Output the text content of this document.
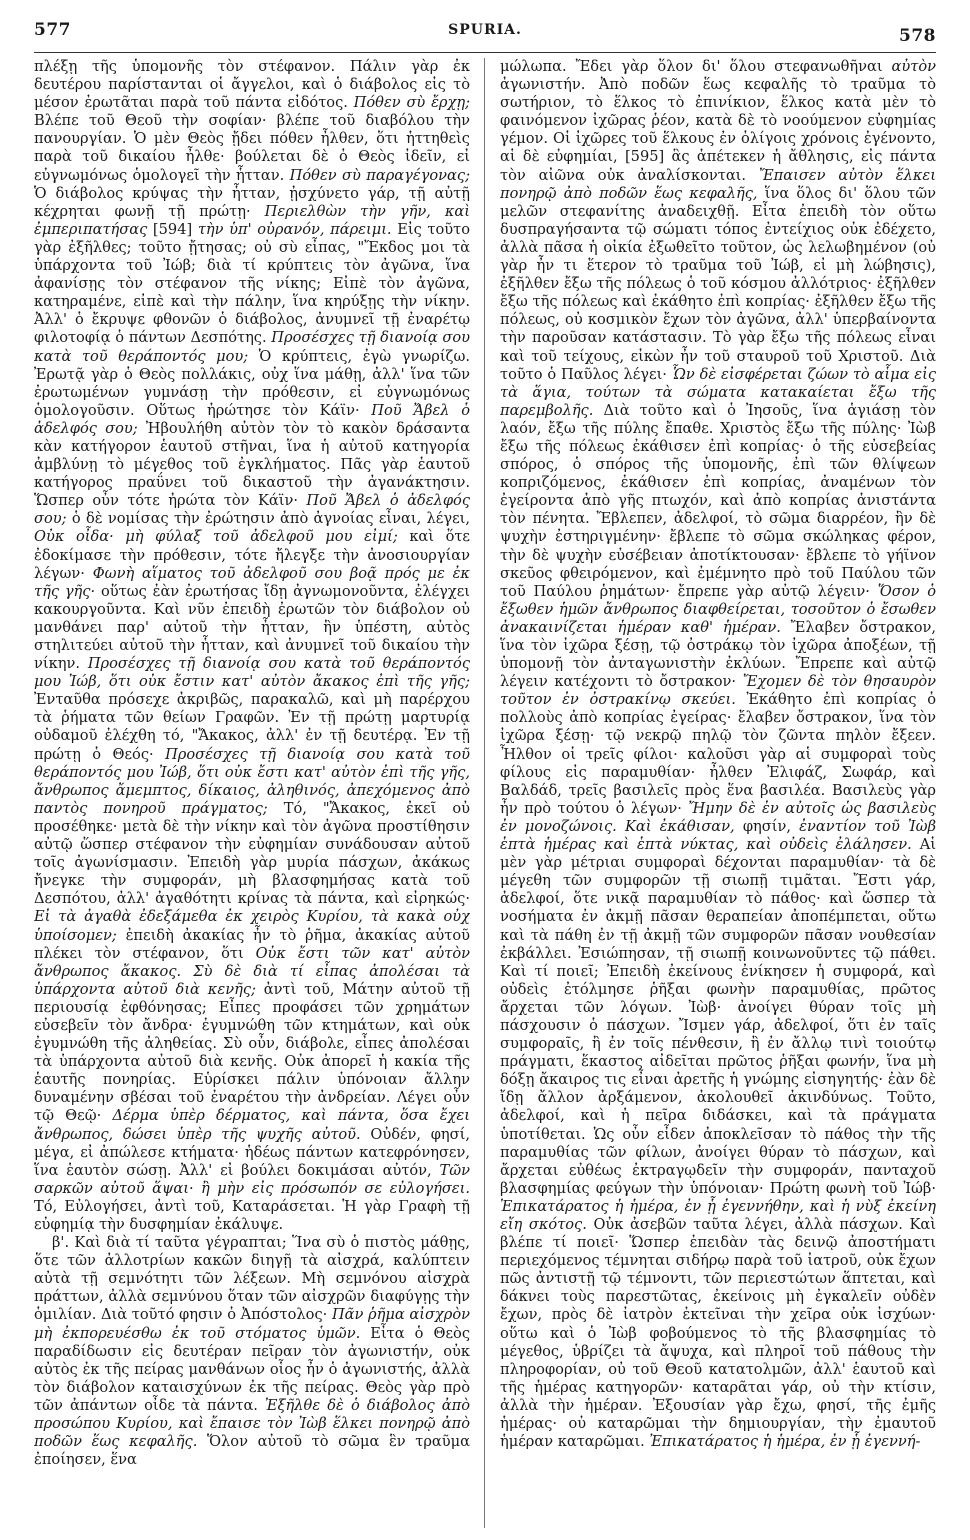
577	SPURIA.	578

πλέξῃ τῆς ὑπομονῆς τὸν στέφανον. Πάλιν γὰρ ἐκ δευτέρου παρίστανται οἱ ἄγγελοι, καὶ ὁ διάβολος εἰς τὸ μέσον ἐρωτᾶται παρὰ τοῦ πάντα εἰδότος. Πόθεν σὺ ἔρχῃ; Βλέπε τοῦ Θεοῦ τὴν σοφίαν· βλέπε τοῦ διαβόλου τὴν πανουργίαν. Ὁ μὲν Θεὸς ᾔδει πόθεν ἦλθεν, ὅτι ἡττηθεὶς παρὰ τοῦ δικαίου ἦλθε· βούλεται δὲ ὁ Θεὸς ἰδεῖν, εἰ εὐγνωμόνως ὁμολογεῖ τὴν ἧτταν. Πόθεν σὺ παραγέγονας; Ὁ διάβολος κρύψας τὴν ἧτταν, ᾐσχύνετο γάρ, τῇ αὐτῇ κέχρηται φωνῇ τῇ πρώτῃ· Περιελθὼν τὴν γῆν, καὶ ἐμπεριπατήσας [594] τὴν ὑπ' οὐρανόν, πάρειμι. Εἰς τοῦτο γὰρ ἐξῆλθες; τοῦτο ᾔτησας; οὐ σὺ εἶπας, "Ἔκδος μοι τὰ ὑπάρχοντα τοῦ Ἰώβ; διὰ τί κρύπτεις τὸν ἀγῶνα, ἵνα ἀφανίσῃς τὸν στέφανον τῆς νίκης; Εἰπὲ τὸν ἀγῶνα, κατηραμένε, εἰπὲ καὶ τὴν πάλην, ἵνα κηρύξῃς τὴν νίκην. Ἀλλ' ὁ ἔκρυψε φθονῶν ὁ διάβολος, ἀνυμνεῖ τῇ ἐναρέτῳ φιλοτοφίᾳ ὁ πάντων Δεσπότης. Προσέσχες τῇ διανοίᾳ σου κατὰ τοῦ θεράποντός μου; Ὁ κρύπτεις, ἐγὼ γνωρίζω. Ἐρωτᾷ γὰρ ὁ Θεὸς πολλάκις, οὐχ ἵνα μάθῃ, ἀλλ' ἵνα τῶν ἐρωτωμένων γυμνάσῃ τὴν πρόθεσιν, εἰ εὐγνωμόνως ὁμολογοῦσιν. Οὕτως ἠρώτησε τὸν Κάϊν· Ποῦ Ἄβελ ὁ ἀδελφός σου; Ἠβουλήθη αὐτὸν τὸν τὸ κακὸν δράσαντα κὰν κατήγορον ἑαυτοῦ στῆναι, ἵνα ἡ αὐτοῦ κατηγορία ἀμβλύνῃ τὸ μέγεθος τοῦ ἐγκλήματος. Πᾶς γὰρ ἑαυτοῦ κατήγορος πραΰνει τοῦ δικαστοῦ τὴν ἀγανάκτησιν. Ὥσπερ οὖν τότε ἠρώτα τὸν Κάϊν· Ποῦ Ἄβελ ὁ ἀδελφός σου; ὁ δὲ νομίσας τὴν ἐρώτησιν ἀπὸ ἀγνοίας εἶναι, λέγει, Οὐκ οἶδα· μὴ φύλαξ τοῦ ἀδελφοῦ μου εἰμί; καὶ ὅτε ἐδοκίμασε τὴν πρόθεσιν, τότε ἤλεγξε τὴν ἀνοσιουργίαν λέγων· Φωνὴ αἵματος τοῦ ἀδελφοῦ σου βοᾷ πρός με ἐκ τῆς γῆς· οὕτως ἐὰν ἐρωτήσας ἴδῃ ἀγνωμονοῦντα, ἐλέγχει κακουργοῦντα. Καὶ νῦν ἐπειδὴ ἐρωτῶν τὸν διάβολον οὐ μανθάνει παρ' αὐτοῦ τὴν ἧτταν, ἣν ὑπέστη, αὐτὸς στηλιτεύει αὐτοῦ τὴν ἧτταν, καὶ ἀνυμνεῖ τοῦ δικαίου τὴν νίκην. Προσέσχες τῇ διανοίᾳ σου κατὰ τοῦ θεράποντός μου Ἰώβ, ὅτι οὐκ ἔστιν κατ' αὐτὸν ἄκακος ἐπὶ τῆς γῆς; Ἐνταῦθα πρόσεχε ἀκριβῶς, παρακαλῶ, καὶ μὴ παρέρχου τὰ ῥήματα τῶν θείων Γραφῶν. Ἐν τῇ πρώτῃ μαρτυρίᾳ οὐδαμοῦ ἐλέχθη τό, "Ἄκακος, ἀλλ' ἐν τῇ δευτέρᾳ. Ἐν τῇ πρώτῃ ὁ Θεός· Προσέσχες τῇ διανοίᾳ σου κατὰ τοῦ θεράποντός μου Ἰώβ, ὅτι οὐκ ἔστι κατ' αὐτὸν ἐπὶ τῆς γῆς, ἄνθρωπος ἄμεμπτος, δίκαιος, ἀληθινός, ἀπεχόμενος ἀπὸ παντὸς πονηροῦ πράγματος; Τό, "Ἄκακος, ἐκεῖ οὐ προσέθηκε· μετὰ δὲ τὴν νίκην καὶ τὸν ἀγῶνα προστίθησιν αὐτῷ ὥσπερ στέφανον τὴν εὐφημίαν συνάδουσαν αὐτοῦ τοῖς ἀγωνίσμασιν. Ἐπειδὴ γὰρ μυρία πάσχων, ἀκάκως ἤνεγκε τὴν συμφοράν, μὴ βλασφημήσας κατὰ τοῦ Δεσπότου, ἀλλ' ἀγαθότητι κρίνας τὰ πάντα, καὶ εἰρηκώς· Εἰ τὰ ἀγαθὰ ἐδεξάμεθα ἐκ χειρὸς Κυρίου, τὰ κακὰ οὐχ ὑποίσομεν; ἐπειδὴ ἀκακίας ἦν τὸ ῥῆμα, ἀκακίας αὐτοῦ πλέκει τὸν στέφανον, ὅτι Οὐκ ἔστι τῶν κατ' αὐτὸν ἄνθρωπος ἄκακος. Σὺ δὲ διὰ τί εἶπας ἀπολέσαι τὰ ὑπάρχοντα αὐτοῦ διὰ κενῆς; ἀντὶ τοῦ, Μάτην αὐτοῦ τῇ περιουσίᾳ ἐφθόνησας; Εἶπες προφάσει τῶν χρημάτων εὐσεβεῖν τὸν ἄνδρα· ἐγυμνώθη τῶν κτημάτων, καὶ οὐκ ἐγυμνώθη τῆς ἀληθείας. Σὺ οὖν, διάβολε, εἶπες ἀπολέσαι τὰ ὑπάρχοντα αὐτοῦ διὰ κενῆς. Οὐκ ἀπορεῖ ἡ κακία τῆς ἑαυτῆς πονηρίας. Εὑρίσκει πάλιν ὑπόνοιαν ἄλλην δυναμένην σβέσαι τοῦ ἐναρέτου τὴν ἀνδρείαν. Λέγει οὖν τῷ Θεῷ· Δέρμα ὑπὲρ δέρματος, καὶ πάντα, ὅσα ἔχει ἄνθρωπος, δώσει ὑπὲρ τῆς ψυχῆς αὐτοῦ. Οὐδέν, φησί, μέγα, εἰ ἀπώλεσε κτήματα· ἡδέως πάντων κατεφρόνησεν, ἵνα ἑαυτὸν σώσῃ. Ἀλλ' εἰ βούλει δοκιμάσαι αὐτόν, Τῶν σαρκῶν αὐτοῦ ἅψαι· ἢ μὴν εἰς πρόσωπόν σε εὐλογήσει. Τό, Εὐλογήσει, ἀντὶ τοῦ, Καταράσεται. Ἡ γὰρ Γραφὴ τῇ εὐφημίᾳ τὴν δυσφημίαν ἐκάλυψε.

β'. Καὶ διὰ τί ταῦτα γέγραπται; Ἵνα σὺ ὁ πιστὸς μάθῃς, ὅτε τῶν ἀλλοτρίων κακῶν διηγῇ τὰ αἰσχρά, καλύπτειν αὐτὰ τῇ σεμνότητι τῶν λέξεων. Μὴ σεμνόνου αἰσχρὰ πράττων, ἀλλὰ σεμνύνου ὅταν τῶν αἰσχρῶν διαφύγῃς τὴν ὁμιλίαν. Διὰ τοῦτό φησιν ὁ Ἀπόστολος· Πᾶν ῥῆμα αἰσχρὸν μὴ ἐκπορευέσθω ἐκ τοῦ στόματος ὑμῶν. Εἶτα ὁ Θεὸς παραδίδωσιν εἰς δευτέραν πεῖραν τὸν ἀγωνιστήν, οὐκ αὐτὸς ἐκ τῆς πείρας μανθάνων οἷος ἦν ὁ ἀγωνιστής, ἀλλὰ τὸν διάβολον καταισχύνων ἐκ τῆς πείρας. Θεὸς γὰρ πρὸ τῶν ἀπάντων οἶδε τὰ πάντα. Ἐξῆλθε δὲ ὁ διάβολος ἀπὸ προσώπου Κυρίου, καὶ ἔπαισε τὸν Ἰὼβ ἕλκει πονηρῷ ἀπὸ ποδῶν ἕως κεφαλῆς. Ὅλον αὐτοῦ τὸ σῶμα ἓν τραῦμα ἐποίησεν, ἕνα

μώλωπα. Ἔδει γὰρ ὅλον δι' ὅλου στεφανωθῆναι αὐτὸν ἀγωνιστήν. Ἀπὸ ποδῶν ἕως κεφαλῆς τὸ τραῦμα τὸ σωτήριον, τὸ ἕλκος τὸ ἐπινίκιον, ἕλκος κατὰ μὲν τὸ φαινόμενον ἰχῶρας ῥέον, κατὰ δὲ τὸ νοούμενον εὐφημίας γέμον. Οἱ ἰχῶρες τοῦ ἕλκους ἐν ὀλίγοις χρόνοις ἐγένοντο, αἱ δὲ εὐφημίαι, [595] ἃς ἀπέτεκεν ἡ ἄθλησις, εἰς πάντα τὸν αἰῶνα οὐκ ἀναλίσκονται. Ἔπαισεν αὐτὸν ἕλκει πονηρῷ ἀπὸ ποδῶν ἕως κεφαλῆς, ἵνα ὅλος δι' ὅλου τῶν μελῶν στεφανίτης ἀναδειχθῇ. Εἶτα ἐπειδὴ τὸν οὕτω δυσπραγήσαντα τῷ σώματι τόπος ἐντείχιος οὐκ ἐδέχετο, ἀλλὰ πᾶσα ἡ οἰκία ἐξωθεῖτο τοῦτον, ὡς λελωβημένον (οὐ γὰρ ἦν τι ἕτερον τὸ τραῦμα τοῦ Ἰώβ, εἰ μὴ λώβησις), ἐξῆλθεν ἔξω τῆς πόλεως ὁ τοῦ κόσμου ἀλλότριος· ἐξῆλθεν ἔξω τῆς πόλεως καὶ ἐκάθητο ἐπὶ κοπρίας· ἐξῆλθεν ἔξω τῆς πόλεως, οὐ κοσμικὸν ἔχων τὸν ἀγῶνα, ἀλλ' ὑπερβαίνοντα τὴν παροῦσαν κατάστασιν. Τὸ γὰρ ἔξω τῆς πόλεως εἶναι καὶ τοῦ τείχους, εἰκὼν ἦν τοῦ σταυροῦ τοῦ Χριστοῦ. Διὰ τοῦτο ὁ Παῦλος λέγει· Ὧν δὲ εἰσφέρεται ζώων τὸ αἷμα εἰς τὰ ἅγια, τούτων τὰ σώματα κατακαίεται ἔξω τῆς παρεμβολῆς. Διὰ τοῦτο καὶ ὁ Ἰησοῦς, ἵνα ἁγιάσῃ τὸν λαόν, ἔξω τῆς πύλης ἔπαθε. Χριστὸς ἔξω τῆς πύλης· Ἰὼβ ἔξω τῆς πόλεως ἐκάθισεν ἐπὶ κοπρίας· ὁ τῆς εὐσεβείας σπόρος, ὁ σπόρος τῆς ὑπομονῆς, ἐπὶ τῶν θλίψεων κοπριζόμενος, ἐκάθισεν ἐπὶ κοπρίας, ἀναμένων τὸν ἐγείροντα ἀπὸ γῆς πτωχόν, καὶ ἀπὸ κοπρίας ἀνιστάντα τὸν πένητα. Ἔβλεπεν, ἀδελφοί, τὸ σῶμα διαρρέον, ἣν δὲ ψυχὴν ἐστηριγμένην· ἔβλεπε τὸ σῶμα σκώληκας φέρον, τὴν δὲ ψυχὴν εὐσέβειαν ἀποτίκτουσαν· ἔβλεπε τὸ γήϊνον σκεῦος φθειρόμενον, καὶ ἐμέμνητο πρὸ τοῦ Παύλου τῶν τοῦ Παύλου ῥημάτων· ἔπρεπε γὰρ αὐτῷ λέγειν· Ὅσον ὁ ἔξωθεν ἡμῶν ἄνθρωπος διαφθείρεται, τοσοῦτον ὁ ἔσωθεν ἀνακαινίζεται ἡμέραν καθ' ἡμέραν. Ἔλαβεν ὄστρακον, ἵνα τὸν ἰχῶρα ξέσῃ, τῷ ὀστράκῳ τὸν ἰχῶρα ἀποξέων, τῇ ὑπομονῇ τὸν ἀνταγωνιστὴν ἐκλύων. Ἔπρεπε καὶ αὐτῷ λέγειν κατέχοντι τὸ ὄστρακον· Ἔχομεν δὲ τὸν θησαυρὸν τοῦτον ἐν ὀστρακίνῳ σκεύει. Ἐκάθητο ἐπὶ κοπρίας ὁ πολλοὺς ἀπὸ κοπρίας ἐγείρας· ἔλαβεν ὄστρακον, ἵνα τὸν ἰχῶρα ξέσῃ· τῷ νεκρῷ πηλῷ τὸν ζῶντα πηλὸν ἔξεεν. Ἦλθον οἱ τρεῖς φίλοι· καλοῦσι γὰρ αἱ συμφοραὶ τοὺς φίλους εἰς παραμυθίαν· ἦλθεν Ἐλιφάζ, Σωφάρ, καὶ Βαλδάδ, τρεῖς βασιλεῖς πρὸς ἕνα βασιλέα. Βασιλεὺς γὰρ ἦν πρὸ τούτου ὁ λέγων· Ἤμην δὲ ἐν αὐτοῖς ὡς βασιλεὺς ἐν μονοζώνοις. Καὶ ἐκάθισαν, φησίν, ἐναντίον τοῦ Ἰὼβ ἑπτὰ ἡμέρας καὶ ἑπτὰ νύκτας, καὶ οὐδεὶς ἐλάλησεν. Αἱ μὲν γὰρ μέτριαι συμφοραὶ δέχονται παραμυθίαν· τὰ δὲ μέγεθη τῶν συμφορῶν τῇ σιωπῇ τιμᾶται. Ἔστι γάρ, ἀδελφοί, ὅτε νικᾷ παραμυθίαν τὸ πάθος· καὶ ὥσπερ τὰ νοσήματα ἐν ἀκμῇ πᾶσαν θεραπείαν ἀποπέμπεται, οὕτω καὶ τὰ πάθη ἐν τῇ ἀκμῇ τῶν συμφορῶν πᾶσαν νουθεσίαν ἐκβάλλει. Ἐσιώπησαν, τῇ σιωπῇ κοινωνοῦντες τῷ πάθει. Καὶ τί ποιεῖ; Ἐπειδὴ ἐκείνους ἐνίκησεν ἡ συμφορά, καὶ οὐδεὶς ἐτόλμησε ῥῆξαι φωνὴν παραμυθίας, πρῶτος ἄρχεται τῶν λόγων. Ἰὼβ· ἀνοίγει θύραν τοῖς μὴ πάσχουσιν ὁ πάσχων. Ἴσμεν γάρ, ἀδελφοί, ὅτι ἐν ταῖς συμφοραῖς, ἢ ἐν τοῖς πένθεσιν, ἢ ἐν ἄλλῳ τινὶ τοιούτῳ πράγματι, ἕκαστος αἰδεῖται πρῶτος ῥῆξαι φωνήν, ἵνα μὴ δόξῃ ἄκαιρος τις εἶναι ἀρετῆς ἡ γνώμης εἰσηγητής· ἐὰν δὲ ἴδῃ ἄλλον ἀρξάμενον, ἀκολουθεῖ ἀκινδύνως. Τοῦτο, ἀδελφοί, καὶ ἡ πεῖρα διδάσκει, καὶ τὰ πράγματα ὑποτίθεται. Ὡς οὖν εἶδεν ἀποκλεῖσαν τὸ πάθος τὴν τῆς παραμυθίας τῶν φίλων, ἀνοίγει θύραν τὸ πάσχων, καὶ ἄρχεται εὐθέως ἐκτραγῳδεῖν τὴν συμφοράν, πανταχοῦ βλασφημίας φεύγων τὴν ὑπόνοιαν· Πρώτη φωνὴ τοῦ Ἰώβ· Ἐπικατάρατος ἡ ἡμέρα, ἐν ᾗ ἐγεννήθην, καὶ ἡ νὺξ ἐκείνη εἴη σκότος. Οὐκ ἀσεβῶν ταῦτα λέγει, ἀλλὰ πάσχων. Καὶ βλέπε τί ποιεῖ· Ὥσπερ ἐπειδὰν τὰς δεινῷ ἀποστήματι περιεχόμενος τέμνηται σιδήρῳ παρὰ τοῦ ἰατροῦ, οὐκ ἔχων πῶς ἀντιστῇ τῷ τέμνοντι, τῶν περιεστώτων ἅπτεται, καὶ δάκνει τοὺς παρεστῶτας, ἐκείνοις μὴ ἐγκαλεῖν οὐδὲν ἔχων, πρὸς δὲ ἰατρὸν ἐκτεῖναι τὴν χεῖρα οὐκ ἰσχύων· οὕτω καὶ ὁ Ἰὼβ φοβούμενος τὸ τῆς βλασφημίας τὸ μέγεθος, ὑβρίζει τὰ ἄψυχα, καὶ πληροῖ τοῦ πάθους τὴν πληροφορίαν, οὐ τοῦ Θεοῦ κατατολμῶν, ἀλλ' ἑαυτοῦ καὶ τῆς ἡμέρας κατηγορῶν· καταρᾶται γάρ, οὐ τὴν κτίσιν, ἀλλὰ τὴν ἡμέραν. Ἐξουσίαν γὰρ ἔχω, φησί, τῆς ἐμῆς ἡμέρας· οὐ καταρῶμαι τὴν δημιουργίαν, τὴν ἐμαυτοῦ ἡμέραν καταρῶμαι. Ἐπικατάρατος ἡ ἡμέρα, ἐν ᾗ ἐγεννή-
